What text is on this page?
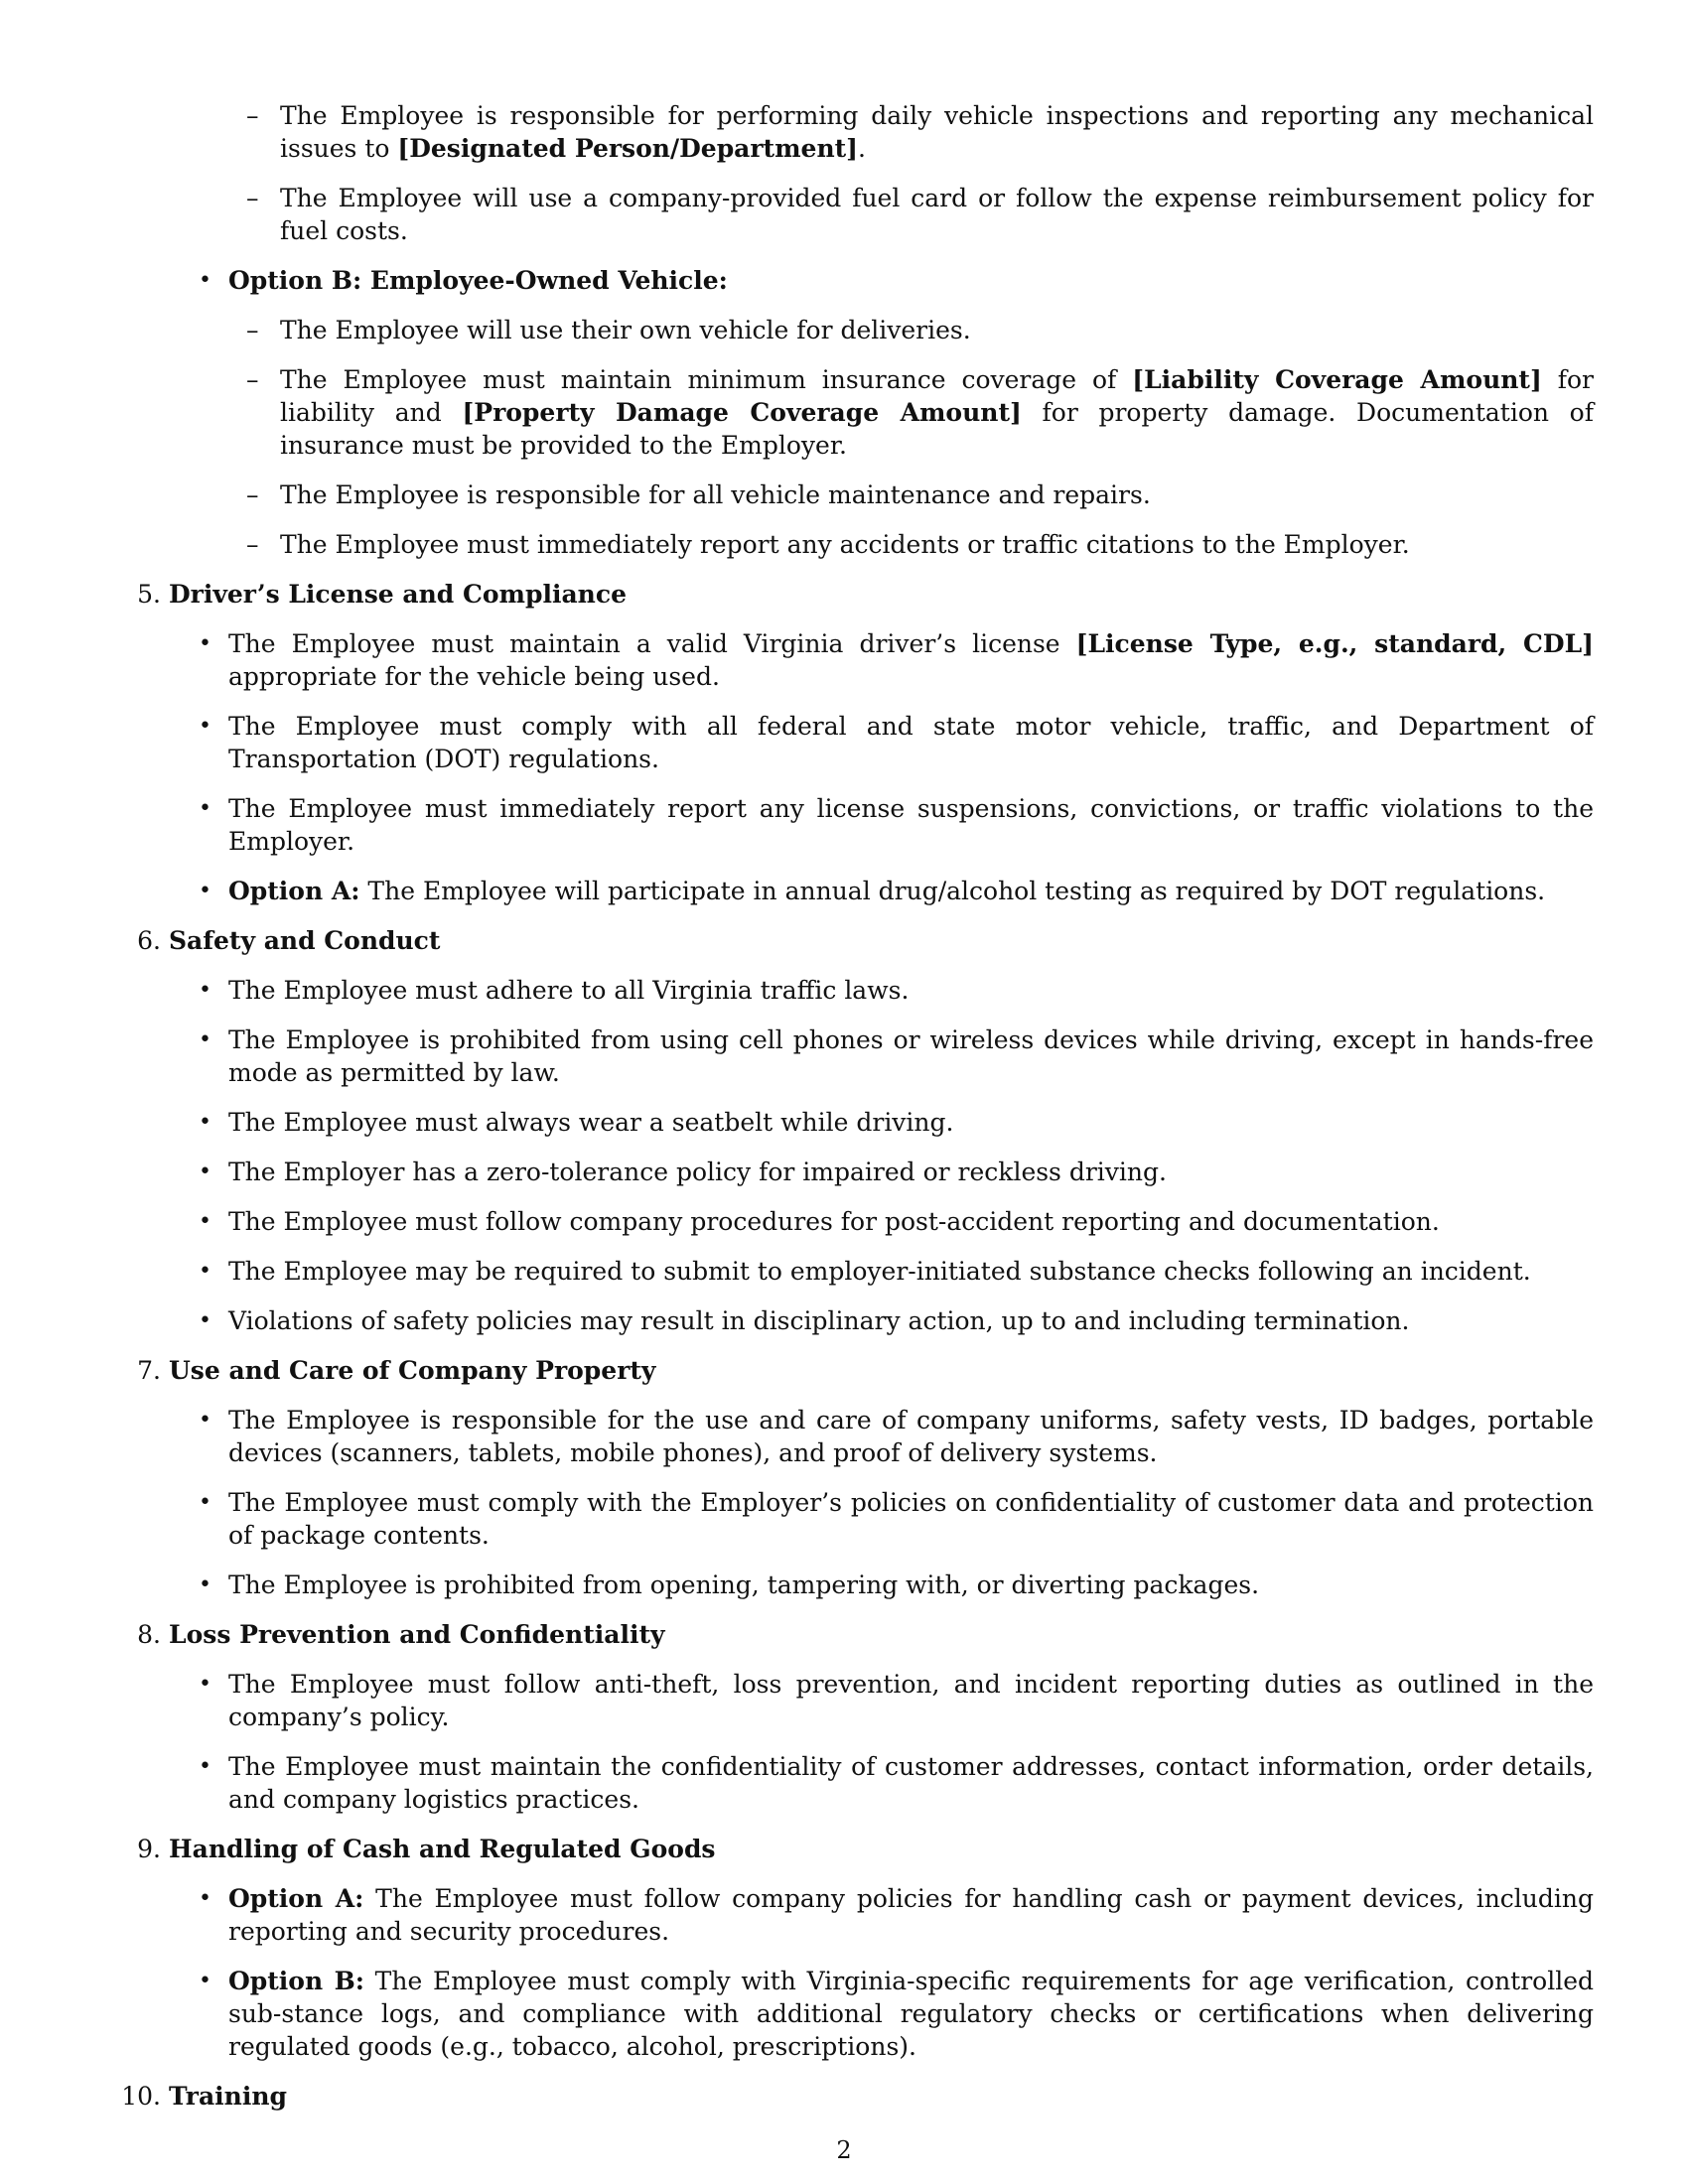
– The Employee is responsible for performing daily vehicle inspections and reporting any mechanical issues to [Designated Person/Department].
– The Employee will use a company-provided fuel card or follow the expense reimbursement policy for fuel costs.
• Option B: Employee-Owned Vehicle:
– The Employee will use their own vehicle for deliveries.
– The Employee must maintain minimum insurance coverage of [Liability Coverage Amount] for liability and [Property Damage Coverage Amount] for property damage. Documentation of insurance must be provided to the Employer.
– The Employee is responsible for all vehicle maintenance and repairs.
– The Employee must immediately report any accidents or traffic citations to the Employer.
5. Driver’s License and Compliance
• The Employee must maintain a valid Virginia driver’s license [License Type, e.g., standard, CDL] appropriate for the vehicle being used.
• The Employee must comply with all federal and state motor vehicle, traffic, and Department of Transportation (DOT) regulations.
• The Employee must immediately report any license suspensions, convictions, or traffic violations to the Employer.
• Option A: The Employee will participate in annual drug/alcohol testing as required by DOT regulations.
6. Safety and Conduct
• The Employee must adhere to all Virginia traffic laws.
• The Employee is prohibited from using cell phones or wireless devices while driving, except in hands-free mode as permitted by law.
• The Employee must always wear a seatbelt while driving.
• The Employer has a zero-tolerance policy for impaired or reckless driving.
• The Employee must follow company procedures for post-accident reporting and documentation.
• The Employee may be required to submit to employer-initiated substance checks following an incident.
• Violations of safety policies may result in disciplinary action, up to and including termination.
7. Use and Care of Company Property
• The Employee is responsible for the use and care of company uniforms, safety vests, ID badges, portable devices (scanners, tablets, mobile phones), and proof of delivery systems.
• The Employee must comply with the Employer’s policies on confidentiality of customer data and protection of package contents.
• The Employee is prohibited from opening, tampering with, or diverting packages.
8. Loss Prevention and Confidentiality
• The Employee must follow anti-theft, loss prevention, and incident reporting duties as outlined in the company’s policy.
• The Employee must maintain the confidentiality of customer addresses, contact information, order details, and company logistics practices.
9. Handling of Cash and Regulated Goods
• Option A: The Employee must follow company policies for handling cash or payment devices, including reporting and security procedures.
• Option B: The Employee must comply with Virginia-specific requirements for age verification, controlled sub-stance logs, and compliance with additional regulatory checks or certifications when delivering regulated goods (e.g., tobacco, alcohol, prescriptions).
10. Training
2
